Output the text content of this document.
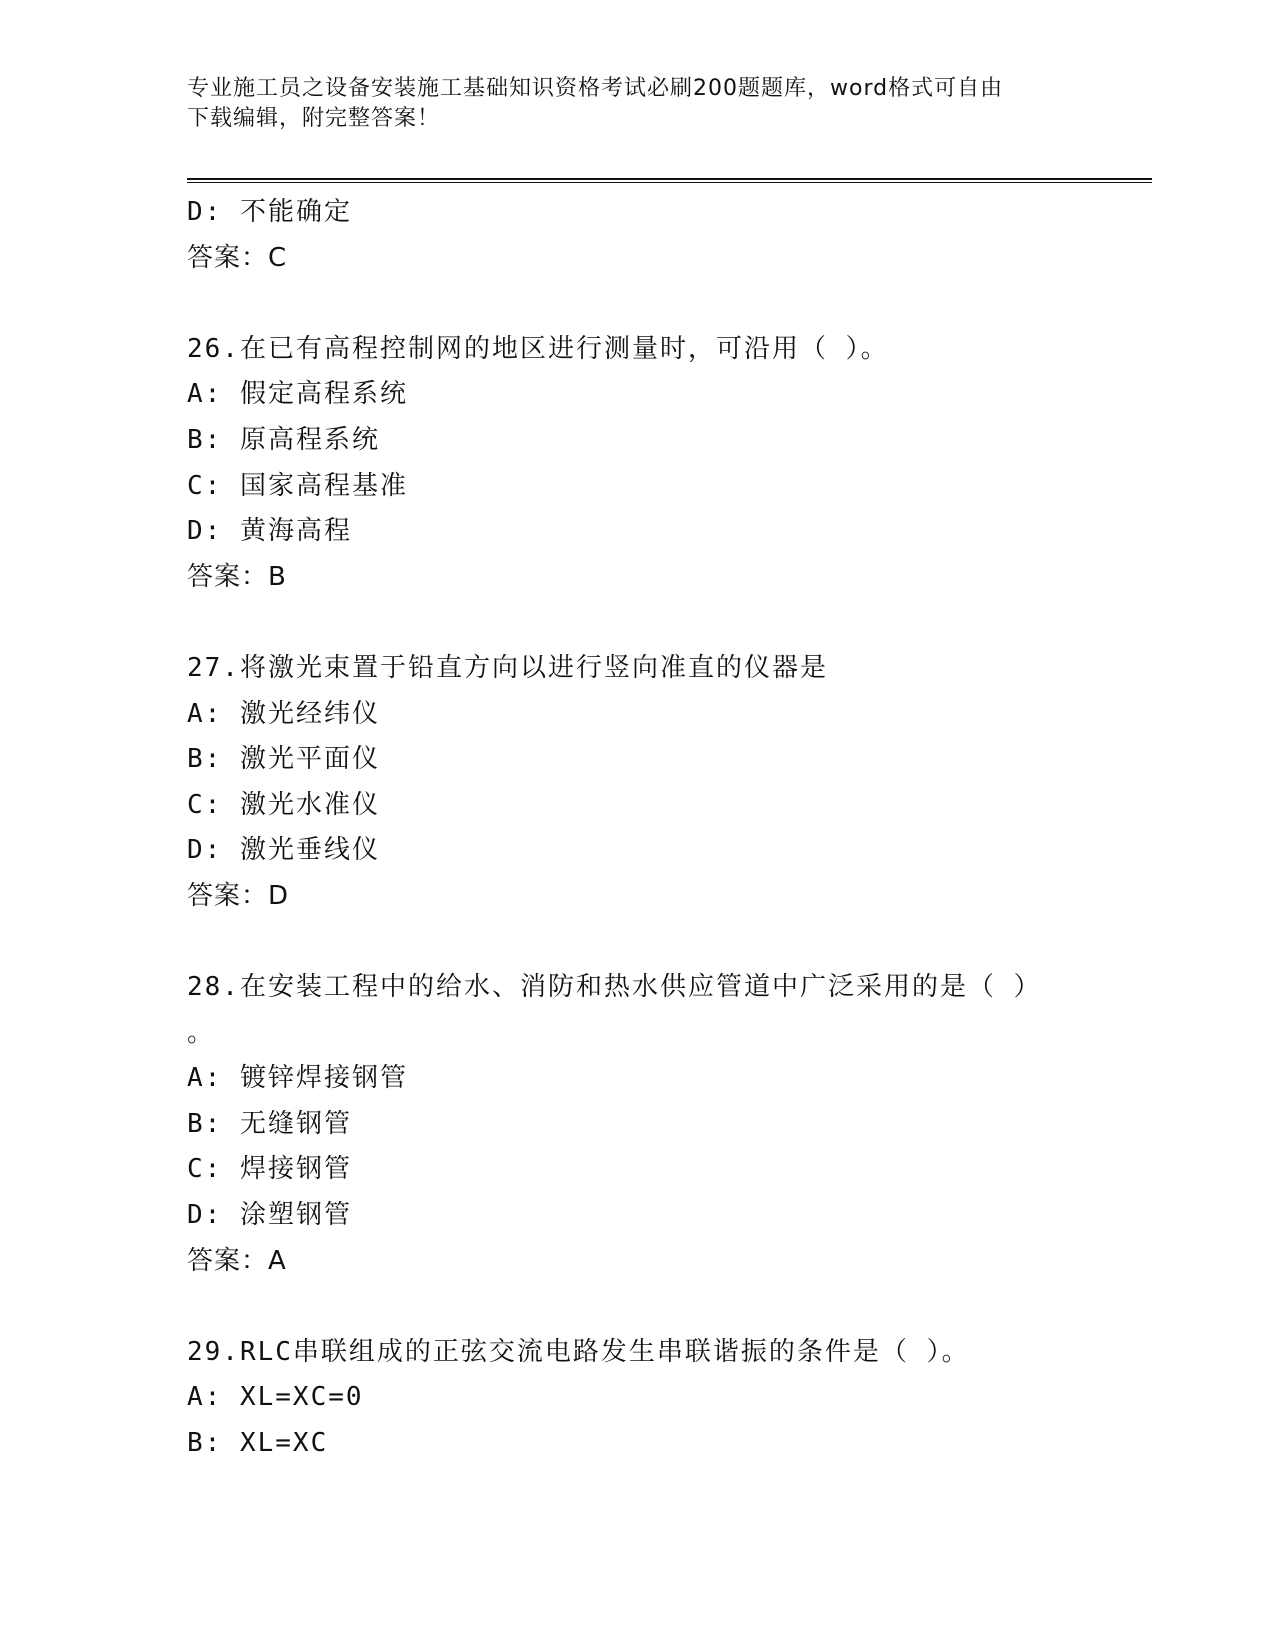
专业施工员之设备安装施工基础知识资格考试必刷200题题库，word格式可自由
下载编辑，附完整答案！
D: 不能确定
答案：C
26.在已有高程控制网的地区进行测量时，可沿用（ ）。
A: 假定高程系统
B: 原高程系统
C: 国家高程基准
D: 黄海高程
答案：B
27.将激光束置于铅直方向以进行竖向准直的仪器是
A: 激光经纬仪
B: 激光平面仪
C: 激光水准仪
D: 激光垂线仪
答案：D
28.在安装工程中的给水、消防和热水供应管道中广泛采用的是（ ）
。
A: 镀锌焊接钢管
B: 无缝钢管
C: 焊接钢管
D: 涂塑钢管
答案：A
29.RLC串联组成的正弦交流电路发生串联谐振的条件是（ ）。
A: XL=XC=0
B: XL=XC
